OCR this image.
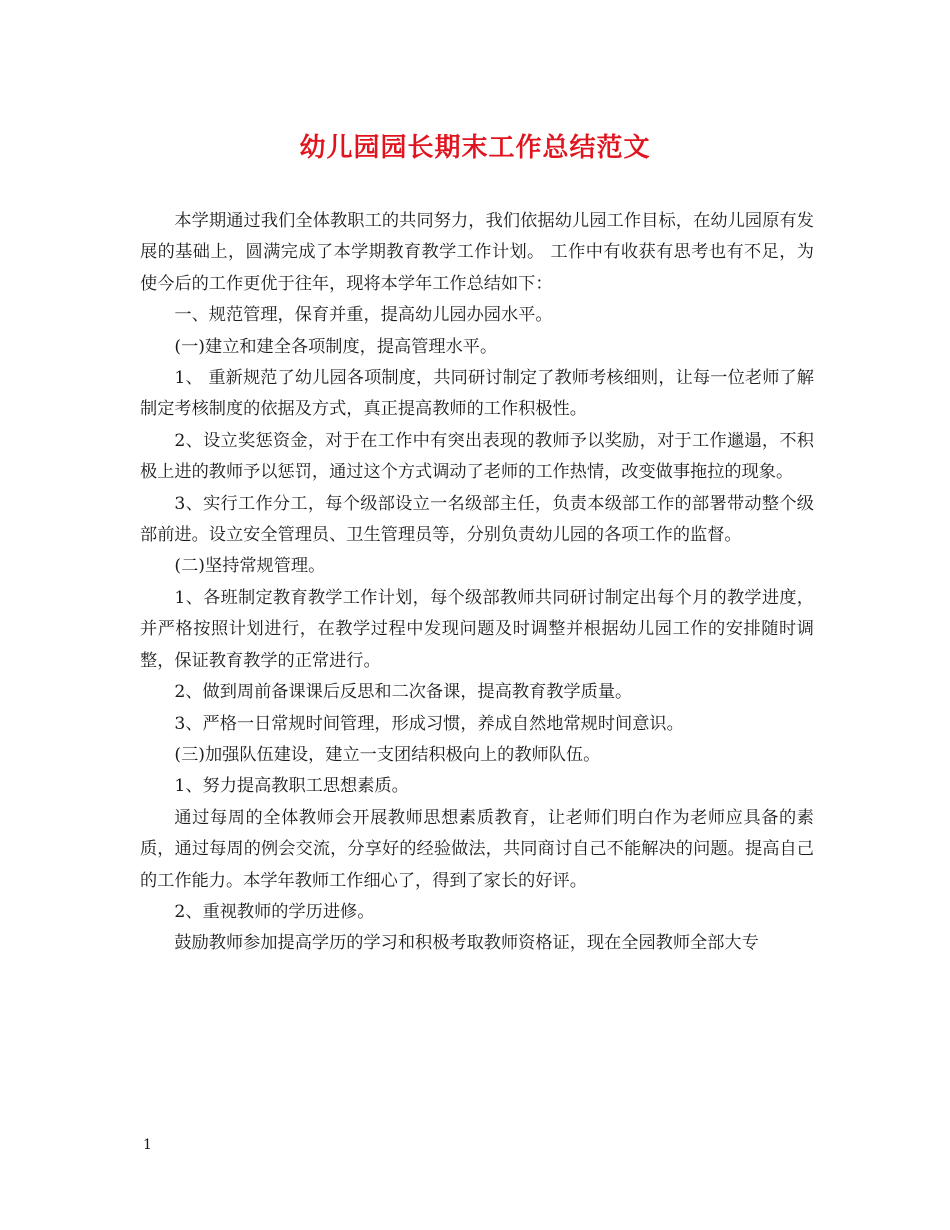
幼儿园园长期末工作总结范文

本学期通过我们全体教职工的共同努力，我们依据幼儿园工作目标，在幼儿园原有发展的基础上，圆满完成了本学期教育教学工作计划。 工作中有收获有思考也有不足，为使今后的工作更优于往年，现将本学年工作总结如下：

一、规范管理，保育并重，提高幼儿园办园水平。

(一)建立和建全各项制度，提高管理水平。

1、 重新规范了幼儿园各项制度，共同研讨制定了教师考核细则，让每一位老师了解制定考核制度的依据及方式，真正提高教师的工作积极性。

2、设立奖惩资金，对于在工作中有突出表现的教师予以奖励，对于工作邋遢，不积极上进的教师予以惩罚，通过这个方式调动了老师的工作热情，改变做事拖拉的现象。

3、实行工作分工，每个级部设立一名级部主任，负责本级部工作的部署带动整个级部前进。设立安全管理员、卫生管理员等，分别负责幼儿园的各项工作的监督。

(二)坚持常规管理。

1、各班制定教育教学工作计划，每个级部教师共同研讨制定出每个月的教学进度，并严格按照计划进行，在教学过程中发现问题及时调整并根据幼儿园工作的安排随时调整，保证教育教学的正常进行。

2、做到周前备课课后反思和二次备课，提高教育教学质量。

3、严格一日常规时间管理，形成习惯，养成自然地常规时间意识。

(三)加强队伍建设，建立一支团结积极向上的教师队伍。

1、努力提高教职工思想素质。

通过每周的全体教师会开展教师思想素质教育，让老师们明白作为老师应具备的素质，通过每周的例会交流，分享好的经验做法，共同商讨自己不能解决的问题。提高自己的工作能力。本学年教师工作细心了，得到了家长的好评。

2、重视教师的学历进修。

鼓励教师参加提高学历的学习和积极考取教师资格证，现在全园教师全部大专

1
